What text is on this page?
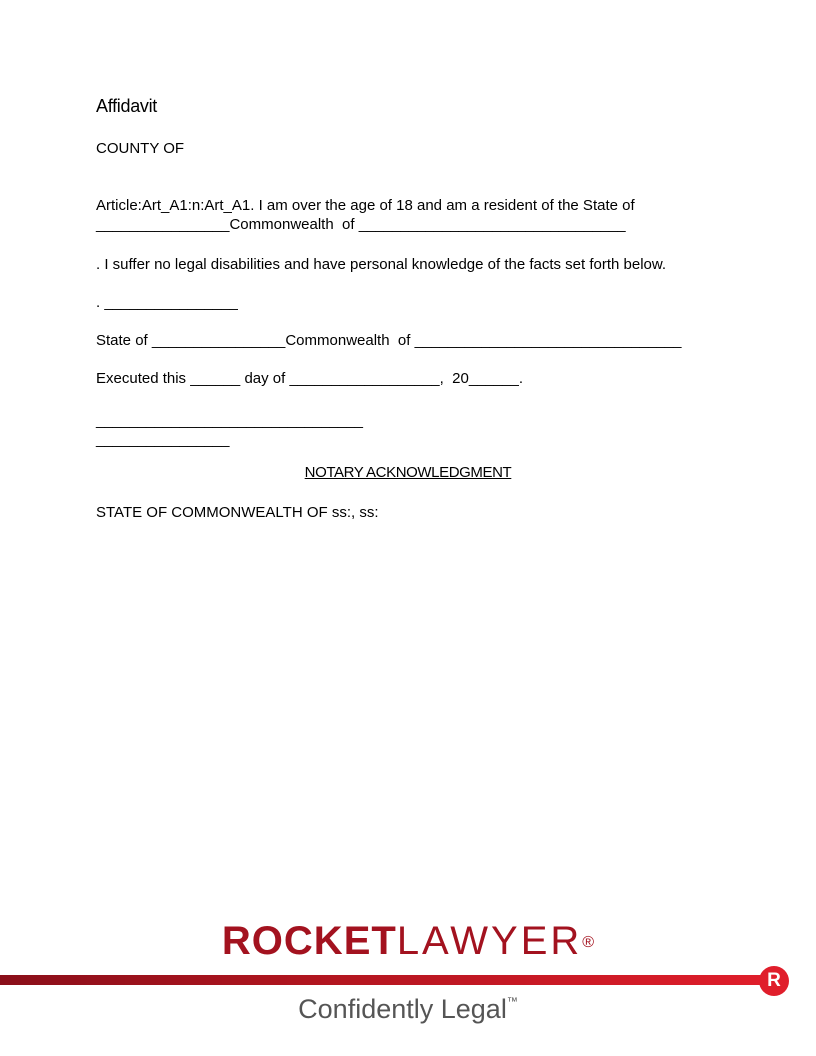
Affidavit
COUNTY OF
Article:Art_A1:n:Art_A1. I am over the age of 18 and am a resident of the State of
________________Commonwealth  of ________________________________
. I suffer no legal disabilities and have personal knowledge of the facts set forth below.
. ________________
State of ________________Commonwealth  of ________________________________
Executed this ______ day of __________________,  20______.
________________________________
________________
NOTARY ACKNOWLEDGMENT
STATE OF COMMONWEALTH OF ss:, ss:
ROCKETLAWYER®
R
Confidently Legal™
